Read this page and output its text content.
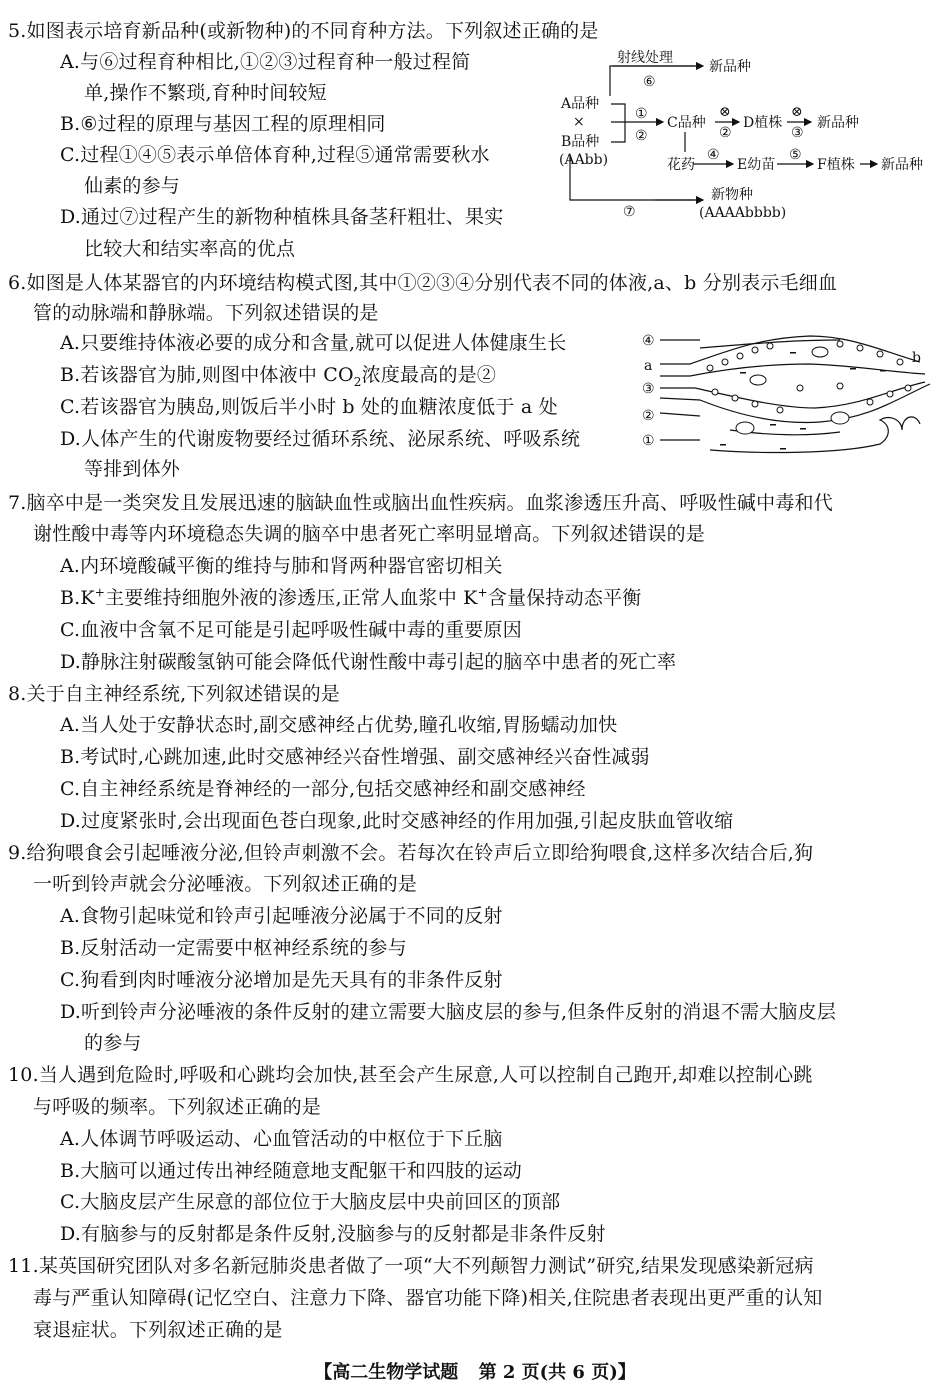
5.如图表示培育新品种(或新物种)的不同育种方法。下列叙述正确的是
A.与⑥过程育种相比,①②③过程育种一般过程简
单,操作不繁琐,育种时间较短
B.⑥过程的原理与基因工程的原理相同
C.过程①④⑤表示单倍体育种,过程⑤通常需要秋水
仙素的参与
D.通过⑦过程产生的新物种植株具备茎秆粗壮、果实
比较大和结实率高的优点
射线处理
⑥
新品种
A品种
×
B品种
(AAbb)
①
②
C品种
⊗
②
D植株
⊗
③
新品种
花药
④
E幼苗
⑤
F植株 新品种
⑦
新物种
(AAAAbbbb)
6.如图是人体某器官的内环境结构模式图,其中①②③④分别代表不同的体液,a、b 分别表示毛细血
管的动脉端和静脉端。下列叙述错误的是
A.只要维持体液必要的成分和含量,就可以促进人体健康生长
B.若该器官为肺,则图中体液中 $CO_2$浓度最高的是②
C.若该器官为胰岛,则饭后半小时 b 处的血糖浓度低于 a 处
D.人体产生的代谢废物要经过循环系统、泌尿系统、呼吸系统
等排到体外
④
a
③
②
①
b
7.脑卒中是一类突发且发展迅速的脑缺血性或脑出血性疾病。血浆渗透压升高、呼吸性碱中毒和代
谢性酸中毒等内环境稳态失调的脑卒中患者死亡率明显增高。下列叙述错误的是
A.内环境酸碱平衡的维持与肺和肾两种器官密切相关
B.K+主要维持细胞外液的渗透压,正常人血浆中 K+含量保持动态平衡
C.血液中含氧不足可能是引起呼吸性碱中毒的重要原因
D.静脉注射碳酸氢钠可能会降低代谢性酸中毒引起的脑卒中患者的死亡率
8.关于自主神经系统,下列叙述错误的是
A.当人处于安静状态时,副交感神经占优势,瞳孔收缩,胃肠蠕动加快
B.考试时,心跳加速,此时交感神经兴奋性增强、副交感神经兴奋性减弱
C.自主神经系统是脊神经的一部分,包括交感神经和副交感神经
D.过度紧张时,会出现面色苍白现象,此时交感神经的作用加强,引起皮肤血管收缩
9.给狗喂食会引起唾液分泌,但铃声刺激不会。若每次在铃声后立即给狗喂食,这样多次结合后,狗
一听到铃声就会分泌唾液。下列叙述正确的是
A.食物引起味觉和铃声引起唾液分泌属于不同的反射
B.反射活动一定需要中枢神经系统的参与
C.狗看到肉时唾液分泌增加是先天具有的非条件反射
D.听到铃声分泌唾液的条件反射的建立需要大脑皮层的参与,但条件反射的消退不需大脑皮层
的参与
10.当人遇到危险时,呼吸和心跳均会加快,甚至会产生尿意,人可以控制自己跑开,却难以控制心跳
与呼吸的频率。下列叙述正确的是
A.人体调节呼吸运动、心血管活动的中枢位于下丘脑
B.大脑可以通过传出神经随意地支配躯干和四肢的运动
C.大脑皮层产生尿意的部位位于大脑皮层中央前回区的顶部
D.有脑参与的反射都是条件反射,没脑参与的反射都是非条件反射
11.某英国研究团队对多名新冠肺炎患者做了一项“大不列颠智力测试”研究,结果发现感染新冠病
毒与严重认知障碍(记忆空白、注意力下降、器官功能下降)相关,住院患者表现出更严重的认知
衰退症状。下列叙述正确的是
【高二生物学试题 第 2 页(共 6 页)】
